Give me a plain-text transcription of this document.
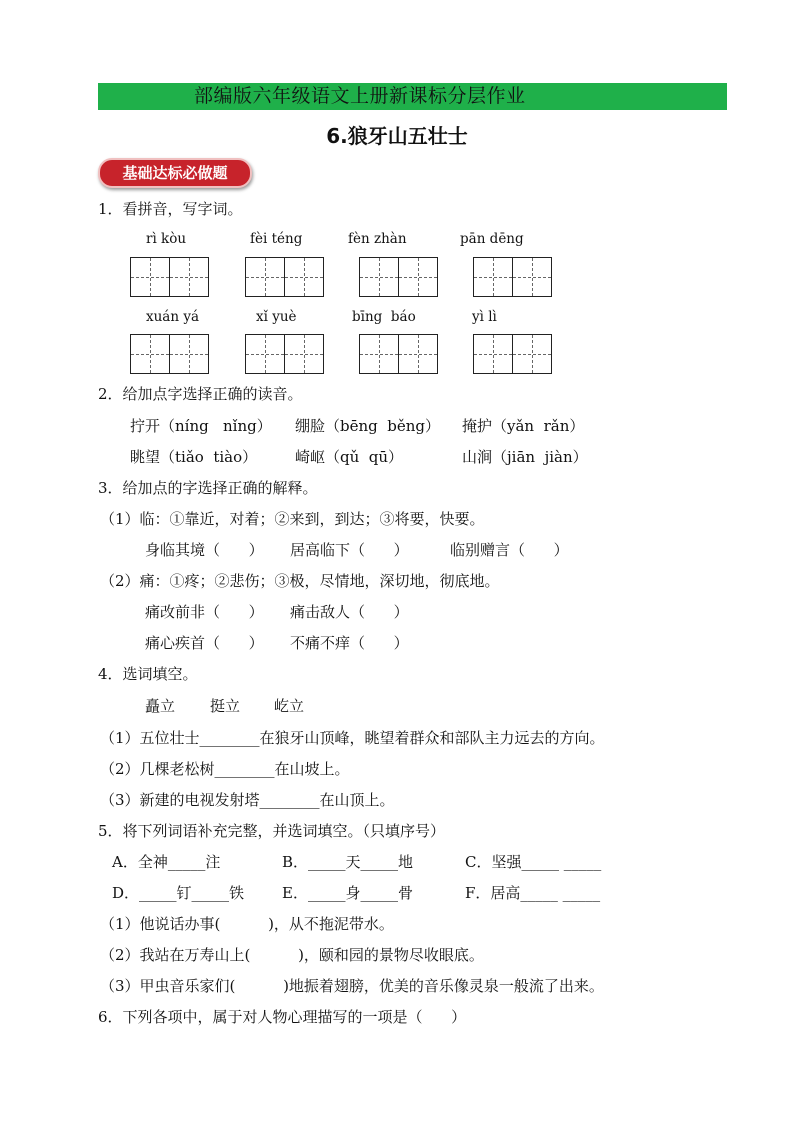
部编版六年级语文上册新课标分层作业
6.狼牙山五壮士
基础达标必做题
1．看拼音，写字词。
rì kòu	fèi téng	fèn zhàn	pān dēng
xuán yá	xǐ yuè	bīng  báo	yì lì
2．给加点字选择正确的读音。
拧开（níng   nǐng） 绷脸（bēng  běng） 掩护（yǎn  rǎn）
眺望（tiǎo  tiào）	崎岖（qǔ  qū）	山涧（jiān  jiàn）
3．给加点的字选择正确的解释。
（1）临：①靠近，对着；②来到，到达；③将要，快要。
身临其境（      ） 居高临下（      ）	临别赠言（      ）
（2）痛：①疼；②悲伤；③极，尽情地，深切地，彻底地。
痛改前非（      ） 痛击敌人（      ）
痛心疾首（      ） 不痛不痒（      ）
4．选词填空。
矗立 挺立 屹立
（1）五位壮士________在狼牙山顶峰，眺望着群众和部队主力远去的方向。
（2）几棵老松树________在山坡上。
（3）新建的电视发射塔________在山顶上。
5．将下列词语补充完整，并选词填空。（只填序号）
A．全神_____注	B．_____天_____地	C．坚强_____ _____
D．_____钉_____铁	E．_____身_____骨	F．居高_____ _____
（1）他说话办事(          )，从不拖泥带水。
（2）我站在万寿山上(          )，颐和园的景物尽收眼底。
（3）甲虫音乐家们(          )地振着翅膀，优美的音乐像灵泉一般流了出来。
6．下列各项中，属于对人物心理描写的一项是（      ）
